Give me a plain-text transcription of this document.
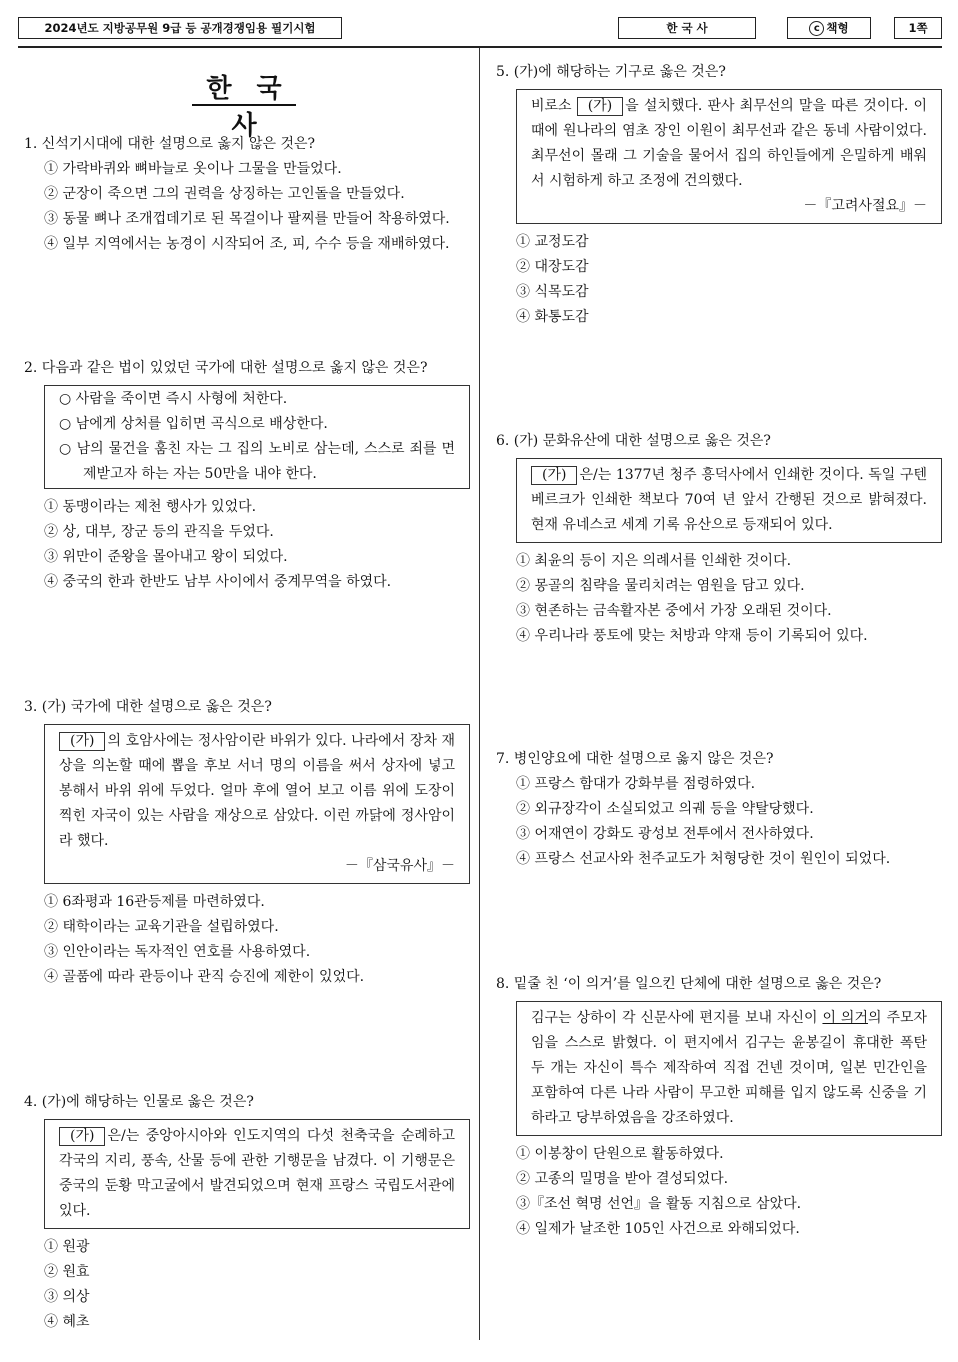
2024년도 지방공무원 9급 등 공개경쟁임용 필기시험	한 국 사	c 책형	1쪽
한 국 사
1. 신석기시대에 대한 설명으로 옳지 않은 것은?
① 가락바퀴와 뼈바늘로 옷이나 그물을 만들었다.
② 군장이 죽으면 그의 권력을 상징하는 고인돌을 만들었다.
③ 동물 뼈나 조개껍데기로 된 목걸이나 팔찌를 만들어 착용하였다.
④ 일부 지역에서는 농경이 시작되어 조, 피, 수수 등을 재배하였다.
2. 다음과 같은 법이 있었던 국가에 대한 설명으로 옳지 않은 것은?
○ 사람을 죽이면 즉시 사형에 처한다.
○ 남에게 상처를 입히면 곡식으로 배상한다.
○ 남의 물건을 훔친 자는 그 집의 노비로 삼는데, 스스로 죄를 면제받고자 하는 자는 50만을 내야 한다.
① 동맹이라는 제천 행사가 있었다.
② 상, 대부, 장군 등의 관직을 두었다.
③ 위만이 준왕을 몰아내고 왕이 되었다.
④ 중국의 한과 한반도 남부 사이에서 중계무역을 하였다.
3. (가) 국가에 대한 설명으로 옳은 것은?
(가) 의 호암사에는 정사암이란 바위가 있다. 나라에서 장차 재상을 의논할 때에 뽑을 후보 서너 명의 이름을 써서 상자에 넣고 봉해서 바위 위에 두었다. 얼마 후에 열어 보고 이름 위에 도장이 찍힌 자국이 있는 사람을 재상으로 삼았다. 이런 까닭에 정사암이라 했다.
－『삼국유사』－
① 6좌평과 16관등제를 마련하였다.
② 태학이라는 교육기관을 설립하였다.
③ 인안이라는 독자적인 연호를 사용하였다.
④ 골품에 따라 관등이나 관직 승진에 제한이 있었다.
4. (가)에 해당하는 인물로 옳은 것은?
(가) 은/는 중앙아시아와 인도지역의 다섯 천축국을 순례하고 각국의 지리, 풍속, 산물 등에 관한 기행문을 남겼다. 이 기행문은 중국의 둔황 막고굴에서 발견되었으며 현재 프랑스 국립도서관에 있다.
① 원광
② 원효
③ 의상
④ 혜초
5. (가)에 해당하는 기구로 옳은 것은?
비로소 (가) 을 설치했다. 판사 최무선의 말을 따른 것이다. 이때에 원나라의 염초 장인 이원이 최무선과 같은 동네 사람이었다. 최무선이 몰래 그 기술을 물어서 집의 하인들에게 은밀하게 배워서 시험하게 하고 조정에 건의했다.
－『고려사절요』－
① 교정도감
② 대장도감
③ 식목도감
④ 화통도감
6. (가) 문화유산에 대한 설명으로 옳은 것은?
(가) 은/는 1377년 청주 흥덕사에서 인쇄한 것이다. 독일 구텐베르크가 인쇄한 책보다 70여 년 앞서 간행된 것으로 밝혀졌다. 현재 유네스코 세계 기록 유산으로 등재되어 있다.
① 최윤의 등이 지은 의례서를 인쇄한 것이다.
② 몽골의 침략을 물리치려는 염원을 담고 있다.
③ 현존하는 금속활자본 중에서 가장 오래된 것이다.
④ 우리나라 풍토에 맞는 처방과 약재 등이 기록되어 있다.
7. 병인양요에 대한 설명으로 옳지 않은 것은?
① 프랑스 함대가 강화부를 점령하였다.
② 외규장각이 소실되었고 의궤 등을 약탈당했다.
③ 어재연이 강화도 광성보 전투에서 전사하였다.
④ 프랑스 선교사와 천주교도가 처형당한 것이 원인이 되었다.
8. 밑줄 친 ‘이 의거’를 일으킨 단체에 대한 설명으로 옳은 것은?
김구는 상하이 각 신문사에 편지를 보내 자신이 이 의거의 주모자임을 스스로 밝혔다. 이 편지에서 김구는 윤봉길이 휴대한 폭탄 두 개는 자신이 특수 제작하여 직접 건넨 것이며, 일본 민간인을 포함하여 다른 나라 사람이 무고한 피해를 입지 않도록 신중을 기하라고 당부하였음을 강조하였다.
① 이봉창이 단원으로 활동하였다.
② 고종의 밀명을 받아 결성되었다.
③『조선 혁명 선언』을 활동 지침으로 삼았다.
④ 일제가 날조한 105인 사건으로 와해되었다.
